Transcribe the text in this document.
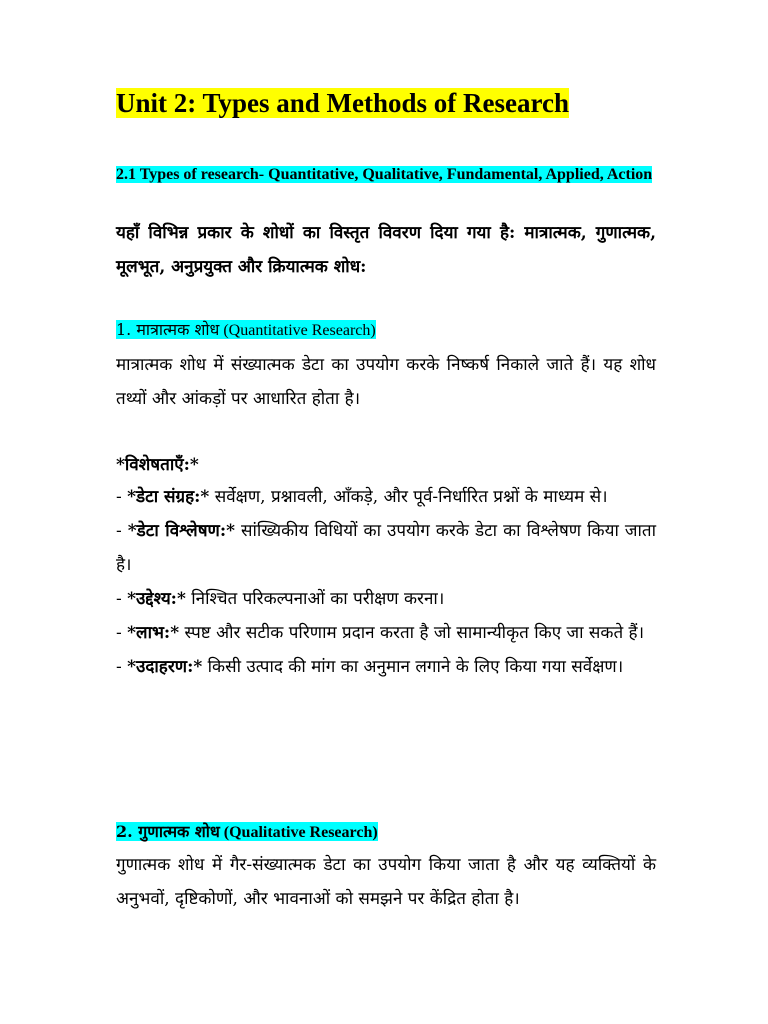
Unit 2: Types and Methods of Research
2.1 Types of research- Quantitative, Qualitative, Fundamental, Applied, Action
यहाँ विभिन्न प्रकार के शोधों का विस्तृत विवरण दिया गया है: मात्रात्मक, गुणात्मक, मूलभूत, अनुप्रयुक्त और क्रियात्मक शोध:
1. मात्रात्मक शोध (Quantitative Research)
मात्रात्मक शोध में संख्यात्मक डेटा का उपयोग करके निष्कर्ष निकाले जाते हैं। यह शोध तथ्यों और आंकड़ों पर आधारित होता है।
*विशेषताएँ:*
- *डेटा संग्रह:* सर्वेक्षण, प्रश्नावली, आँकड़े, और पूर्व-निर्धारित प्रश्नों के माध्यम से।
- *डेटा विश्लेषण:* सांख्यिकीय विधियों का उपयोग करके डेटा का विश्लेषण किया जाता है।
- *उद्देश्य:* निश्चित परिकल्पनाओं का परीक्षण करना।
- *लाभ:* स्पष्ट और सटीक परिणाम प्रदान करता है जो सामान्यीकृत किए जा सकते हैं।
- *उदाहरण:* किसी उत्पाद की मांग का अनुमान लगाने के लिए किया गया सर्वेक्षण।
2. गुणात्मक शोध (Qualitative Research)
गुणात्मक शोध में गैर-संख्यात्मक डेटा का उपयोग किया जाता है और यह व्यक्तियों के अनुभवों, दृष्टिकोणों, और भावनाओं को समझने पर केंद्रित होता है।
